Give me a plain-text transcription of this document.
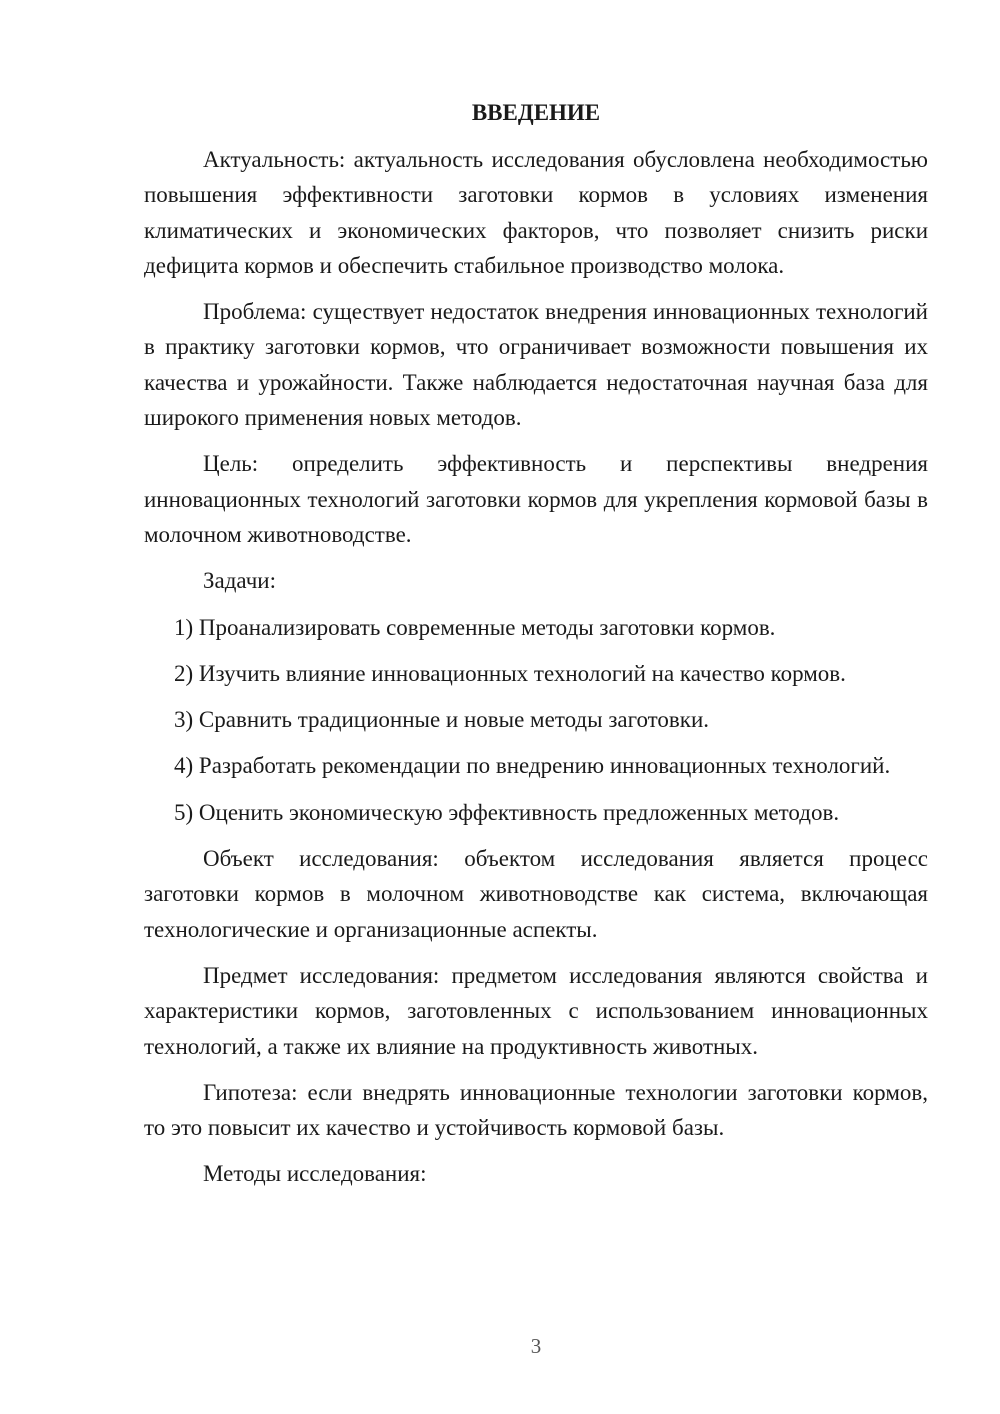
ВВЕДЕНИЕ

Актуальность: актуальность исследования обусловлена необходимостью повышения эффективности заготовки кормов в условиях изменения климатических и экономических факторов, что позволяет снизить риски дефицита кормов и обеспечить стабильное производство молока.

Проблема: существует недостаток внедрения инновационных технологий в практику заготовки кормов, что ограничивает возможности повышения их качества и урожайности. Также наблюдается недостаточная научная база для широкого применения новых методов.

Цель: определить эффективность и перспективы внедрения инновационных технологий заготовки кормов для укрепления кормовой базы в молочном животноводстве.

Задачи:

1) Проанализировать современные методы заготовки кормов.

2) Изучить влияние инновационных технологий на качество кормов.

3) Сравнить традиционные и новые методы заготовки.

4) Разработать рекомендации по внедрению инновационных технологий.

5) Оценить экономическую эффективность предложенных методов.

Объект исследования: объектом исследования является процесс заготовки кормов в молочном животноводстве как система, включающая технологические и организационные аспекты.

Предмет исследования: предметом исследования являются свойства и характеристики кормов, заготовленных с использованием инновационных технологий, а также их влияние на продуктивность животных.

Гипотеза: если внедрять инновационные технологии заготовки кормов, то это повысит их качество и устойчивость кормовой базы.

Методы исследования:

3
